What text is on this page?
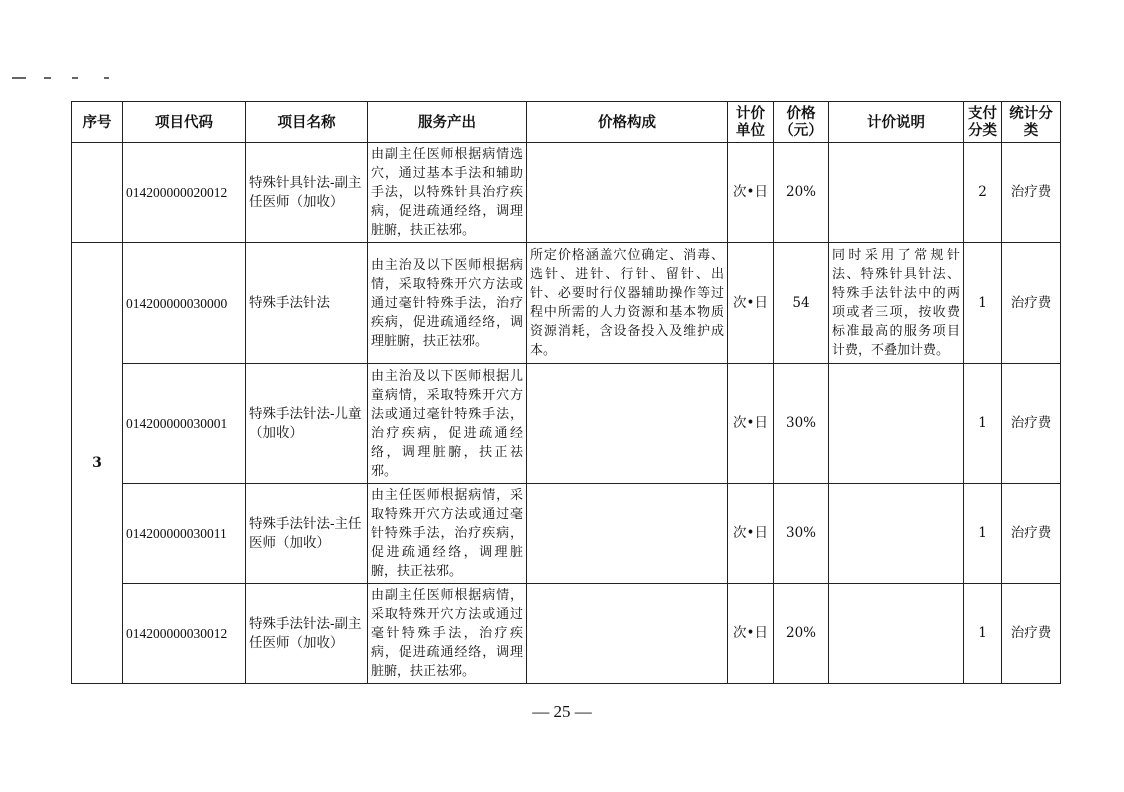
序号	项目代码	项目名称	服务产出	价格构成	计价单位	价格（元）	计价说明	支付分类	统计分类
	014200000020012	特殊针具针法-副主任医师（加收）	由副主任医师根据病情选穴，通过基本手法和辅助手法，以特殊针具治疗疾病，促进疏通经络，调理脏腑，扶正祛邪。		次•日	20%		2	治疗费
3	014200000030000	特殊手法针法	由主治及以下医师根据病情，采取特殊开穴方法或通过毫针特殊手法，治疗疾病，促进疏通经络，调理脏腑，扶正祛邪。	所定价格涵盖穴位确定、消毒、选针、进针、行针、留针、出针、必要时行仪器辅助操作等过程中所需的人力资源和基本物质资源消耗，含设备投入及维护成本。	次•日	54	同时采用了常规针法、特殊针具针法、特殊手法针法中的两项或者三项，按收费标准最高的服务项目计费，不叠加计费。	1	治疗费
	014200000030001	特殊手法针法-儿童（加收）	由主治及以下医师根据儿童病情，采取特殊开穴方法或通过毫针特殊手法，治疗疾病，促进疏通经络，调理脏腑，扶正祛邪。		次•日	30%		1	治疗费
	014200000030011	特殊手法针法-主任医师（加收）	由主任医师根据病情，采取特殊开穴方法或通过毫针特殊手法，治疗疾病，促进疏通经络，调理脏腑，扶正祛邪。		次•日	30%		1	治疗费
	014200000030012	特殊手法针法-副主任医师（加收）	由副主任医师根据病情，采取特殊开穴方法或通过毫针特殊手法，治疗疾病，促进疏通经络，调理脏腑，扶正祛邪。		次•日	20%		1	治疗费
— 25 —
